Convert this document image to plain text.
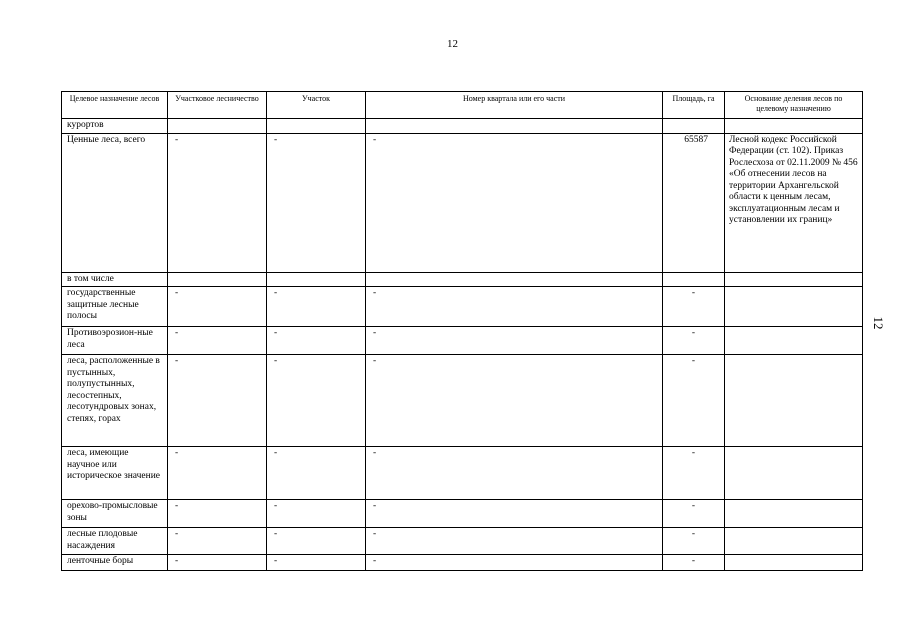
12
12
Целевое назначение лесов	Участковое лесничество	Участок	Номер квартала или его части	Площадь, га	Основание деления лесов по целевому назначению
курортов					
Ценные леса, всего	-	-	-	65587	Лесной кодекс Российской Федерации (ст. 102). Приказ Рослесхоза от 02.11.2009 № 456 «Об отнесении лесов на территории Архангельской области к ценным лесам, эксплуатационным лесам и установлении их границ»
в том числе					
государственные защитные лесные полосы	-	-	-	-	
Противоэрозион-ные леса	-	-	-	-	
леса, расположенные в пустынных, полупустынных, лесостепных, лесотундровых зонах, степях, горах	-	-	-	-	
леса, имеющие научное или историческое значение	-	-	-	-	
орехово-промысловые зоны	-	-	-	-	
лесные плодовые насаждения	-	-	-	-	
ленточные боры	-	-	-	-	
